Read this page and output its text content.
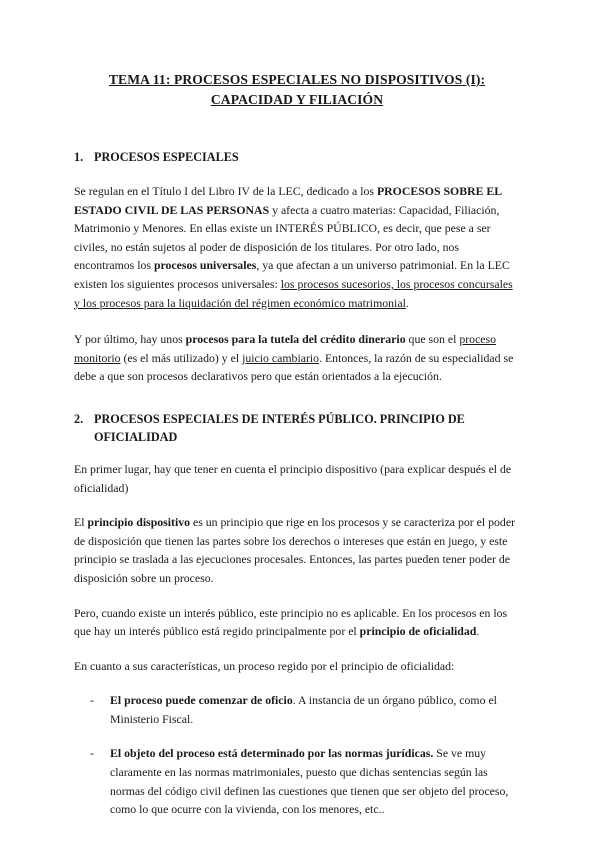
TEMA 11: PROCESOS ESPECIALES NO DISPOSITIVOS (I):
CAPACIDAD Y FILIACIÓN
1. PROCESOS ESPECIALES

Se regulan en el Título I del Libro IV de la LEC, dedicado a los PROCESOS SOBRE EL ESTADO CIVIL DE LAS PERSONAS y afecta a cuatro materias: Capacidad, Filiación, Matrimonio y Menores. En ellas existe un INTERÉS PÚBLICO, es decir, que pese a ser civiles, no están sujetos al poder de disposición de los titulares. Por otro lado, nos encontramos los procesos universales, ya que afectan a un universo patrimonial. En la LEC existen los siguientes procesos universales: los procesos sucesorios, los procesos concursales y los procesos para la liquidación del régimen económico matrimonial.

Y por último, hay unos procesos para la tutela del crédito dinerario que son el proceso monitorio (es el más utilizado) y el juicio cambiario. Entonces, la razón de su especialidad se debe a que son procesos declarativos pero que están orientados a la ejecución.

2. PROCESOS ESPECIALES DE INTERÉS PÚBLICO. PRINCIPIO DE OFICIALIDAD

En primer lugar, hay que tener en cuenta el principio dispositivo (para explicar después el de oficialidad)

El principio dispositivo es un principio que rige en los procesos y se caracteriza por el poder de disposición que tienen las partes sobre los derechos o intereses que están en juego, y este principio se traslada a las ejecuciones procesales. Entonces, las partes pueden tener poder de disposición sobre un proceso.

Pero, cuando existe un interés público, este principio no es aplicable. En los procesos en los que hay un interés público está regido principalmente por el principio de oficialidad.

En cuanto a sus características, un proceso regido por el principio de oficialidad:

-	El proceso puede comenzar de oficio. A instancia de un órgano público, como el Ministerio Fiscal.
-	El objeto del proceso está determinado por las normas jurídicas. Se ve muy claramente en las normas matrimoniales, puesto que dichas sentencias según las normas del código civil definen las cuestiones que tienen que ser objeto del proceso, como lo que ocurre con la vivienda, con los menores, etc..
